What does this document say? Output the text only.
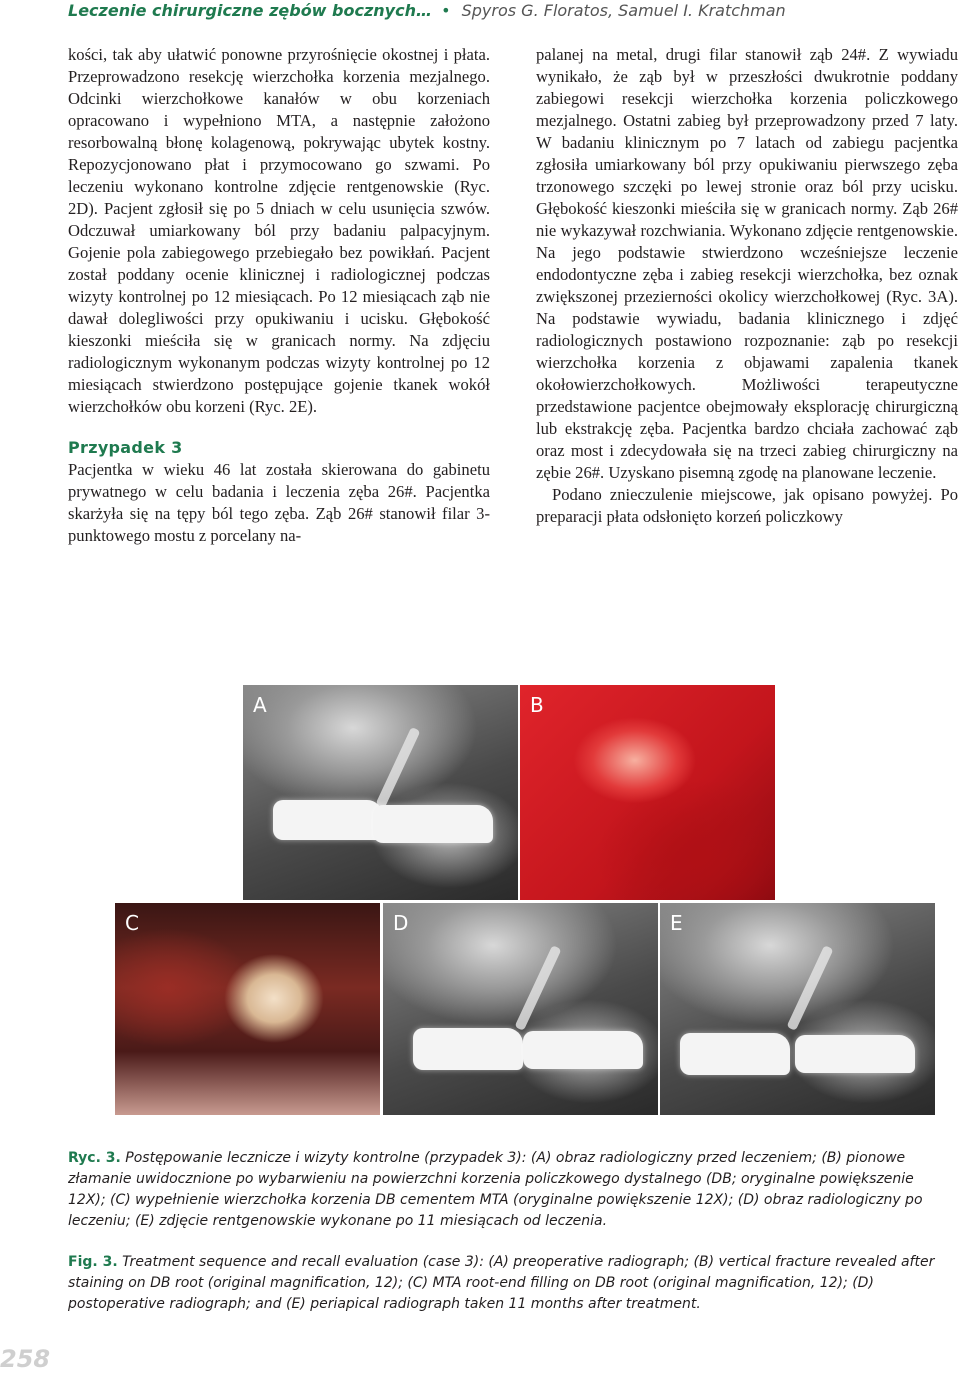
Leczenie chirurgiczne zębów bocznych… • Spyros G. Floratos, Samuel I. Kratchman

kości, tak aby ułatwić ponowne przyrośnięcie okostnej i płata. Przeprowadzono resekcję wierzchołka korzenia mezjalnego. Odcinki wierzchołkowe kanałów w obu korzeniach opracowano i wypełniono MTA, a następnie założono resorbowalną błonę kolagenową, pokrywając ubytek kostny. Repozycjonowano płat i przymocowano go szwami. Po leczeniu wykonano kontrolne zdjęcie rentgenowskie (Ryc. 2D). Pacjent zgłosił się po 5 dniach w celu usunięcia szwów. Odczuwał umiarkowany ból przy badaniu palpacyjnym. Gojenie pola zabiegowego przebiegało bez powikłań. Pacjent został poddany ocenie klinicznej i radiologicznej podczas wizyty kontrolnej po 12 miesiącach. Po 12 miesiącach ząb nie dawał dolegliwości przy opukiwaniu i ucisku. Głębokość kieszonki mieściła się w granicach normy. Na zdjęciu radiologicznym wykonanym podczas wizyty kontrolnej po 12 miesiącach stwierdzono postępujące gojenie tkanek wokół wierzchołków obu korzeni (Ryc. 2E).

Przypadek 3

Pacjentka w wieku 46 lat została skierowana do gabinetu prywatnego w celu badania i leczenia zęba 26#. Pacjentka skarżyła się na tępy ból tego zęba. Ząb 26# stanowił filar 3-punktowego mostu z porcelany na-

palanej na metal, drugi filar stanowił ząb 24#. Z wywiadu wynikało, że ząb był w przeszłości dwukrotnie poddany zabiegowi resekcji wierzchołka korzenia policzkowego mezjalnego. Ostatni zabieg był przeprowadzony przed 7 laty. W badaniu klinicznym po 7 latach od zabiegu pacjentka zgłosiła umiarkowany ból przy opukiwaniu pierwszego zęba trzonowego szczęki po lewej stronie oraz ból przy ucisku. Głębokość kieszonki mieściła się w granicach normy. Ząb 26# nie wykazywał rozchwiania. Wykonano zdjęcie rentgenowskie. Na jego podstawie stwierdzono wcześniejsze leczenie endodontyczne zęba i zabieg resekcji wierzchołka, bez oznak zwiększonej przezierności okolicy wierzchołkowej (Ryc. 3A). Na podstawie wywiadu, badania klinicznego i zdjęć radiologicznych postawiono rozpoznanie: ząb po resekcji wierzchołka korzenia z objawami zapalenia tkanek okołowierzchołkowych. Możliwości terapeutyczne przedstawione pacjentce obejmowały eksplorację chirurgiczną lub ekstrakcję zęba. Pacjentka bardzo chciała zachować ząb oraz most i zdecydowała się na trzeci zabieg chirurgiczny na zębie 26#. Uzyskano pisemną zgodę na planowane leczenie.

Podano znieczulenie miejscowe, jak opisano powyżej. Po preparacji płata odsłonięto korzeń policzkowy

A	B
C	D	E
Ryc. 3. Postępowanie lecznicze i wizyty kontrolne (przypadek 3): (A) obraz radiologiczny przed leczeniem; (B) pionowe złamanie uwidocznione po wybarwieniu na powierzchni korzenia policzkowego dystalnego (DB; oryginalne powiększenie 12X); (C) wypełnienie wierzchołka korzenia DB cementem MTA (oryginalne powiększenie 12X); (D) obraz radiologiczny po leczeniu; (E) zdjęcie rentgenowskie wykonane po 11 miesiącach od leczenia.
Fig. 3. Treatment sequence and recall evaluation (case 3): (A) preoperative radiograph; (B) vertical fracture revealed after staining on DB root (original magnification, 12); (C) MTA root-end filling on DB root (original magnification, 12); (D) postoperative radiograph; and (E) periapical radiograph taken 11 months after treatment.
258
